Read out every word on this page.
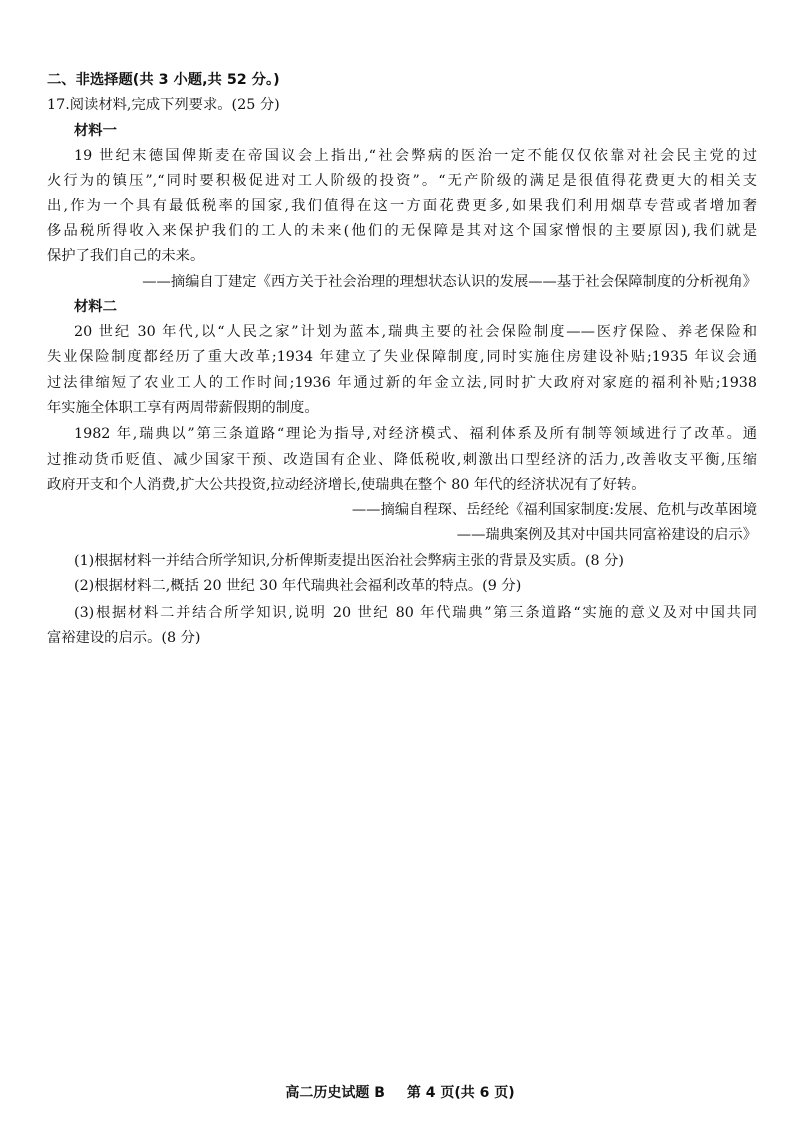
二、非选择题(共 3 小题,共 52 分。)
17.阅读材料,完成下列要求。(25 分)
材料一
19 世纪末德国俾斯麦在帝国议会上指出,“社会弊病的医治一定不能仅仅依靠对社会民主党的过
火行为的镇压”,“同时要积极促进对工人阶级的投资”。“无产阶级的满足是很值得花费更大的相关支
出,作为一个具有最低税率的国家,我们值得在这一方面花费更多,如果我们利用烟草专营或者增加奢
侈品税所得收入来保护我们的工人的未来(他们的无保障是其对这个国家憎恨的主要原因),我们就是
保护了我们自己的未来。
——摘编自丁建定《西方关于社会治理的理想状态认识的发展——基于社会保障制度的分析视角》
材料二
20 世纪 30 年代,以“人民之家”计划为蓝本,瑞典主要的社会保险制度——医疗保险、养老保险和
失业保险制度都经历了重大改革;1934 年建立了失业保障制度,同时实施住房建设补贴;1935 年议会通
过法律缩短了农业工人的工作时间;1936 年通过新的年金立法,同时扩大政府对家庭的福利补贴;1938
年实施全体职工享有两周带薪假期的制度。
1982 年,瑞典以”第三条道路“理论为指导,对经济模式、福利体系及所有制等领域进行了改革。通
过推动货币贬值、减少国家干预、改造国有企业、降低税收,刺激出口型经济的活力,改善收支平衡,压缩
政府开支和个人消费,扩大公共投资,拉动经济增长,使瑞典在整个 80 年代的经济状况有了好转。
——摘编自程琛、岳经纶《福利国家制度:发展、危机与改革困境
——瑞典案例及其对中国共同富裕建设的启示》
(1)根据材料一并结合所学知识,分析俾斯麦提出医治社会弊病主张的背景及实质。(8 分)
(2)根据材料二,概括 20 世纪 30 年代瑞典社会福利改革的特点。(9 分)
(3)根据材料二并结合所学知识,说明 20 世纪 80 年代瑞典”第三条道路“实施的意义及对中国共同
富裕建设的启示。(8 分)
高二历史试题 B 第 4 页(共 6 页)
